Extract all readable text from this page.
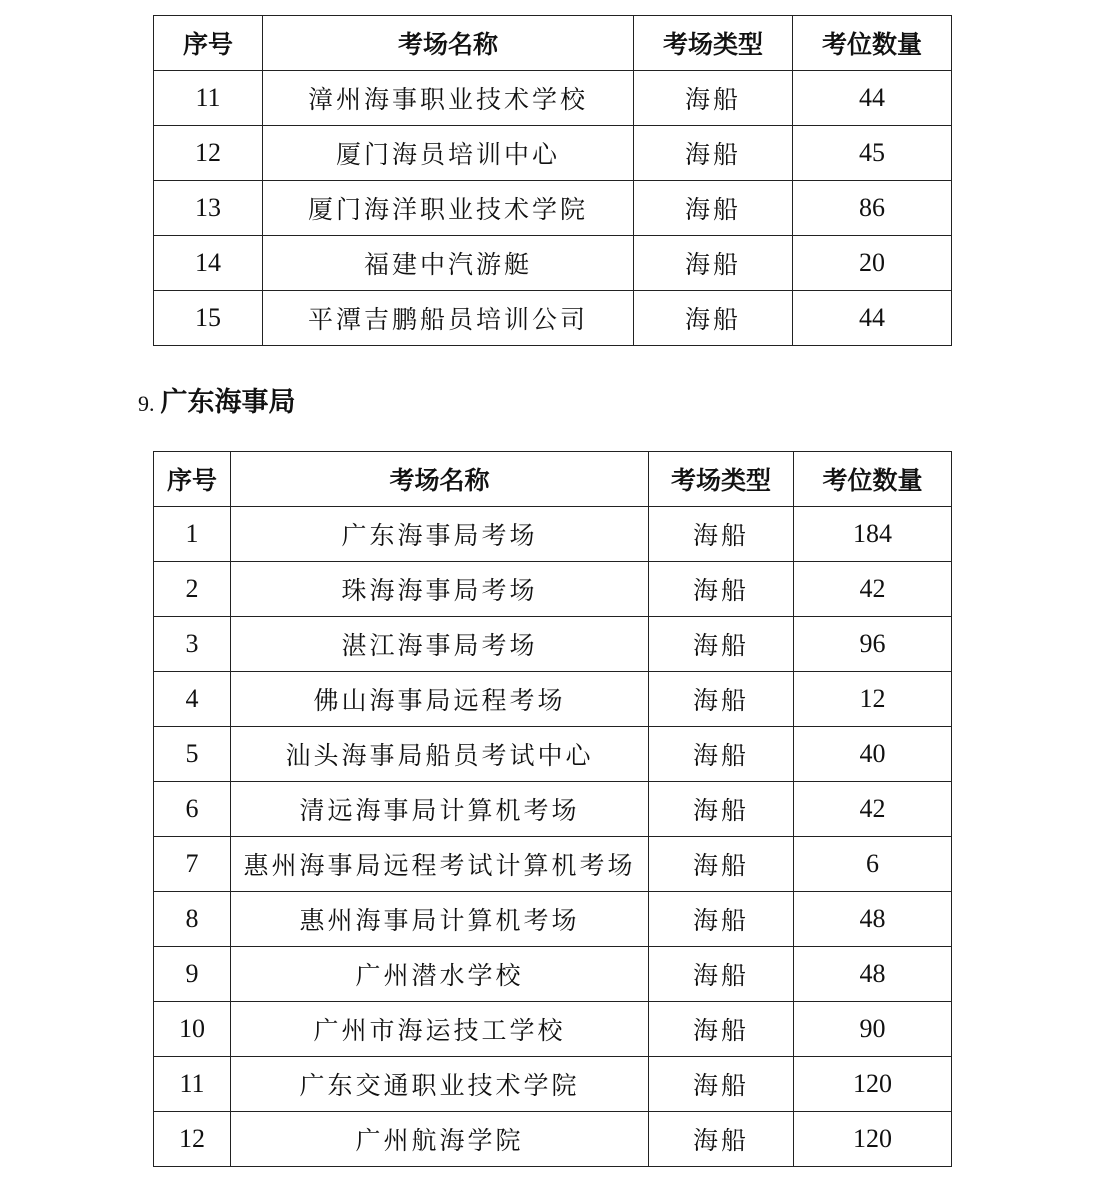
序号	考场名称	考场类型	考位数量
11	漳州海事职业技术学校	海船	44
12	厦门海员培训中心	海船	45
13	厦门海洋职业技术学院	海船	86
14	福建中汽游艇	海船	20
15	平潭吉鹏船员培训公司	海船	44
9. 广东海事局
序号	考场名称	考场类型	考位数量
1	广东海事局考场	海船	184
2	珠海海事局考场	海船	42
3	湛江海事局考场	海船	96
4	佛山海事局远程考场	海船	12
5	汕头海事局船员考试中心	海船	40
6	清远海事局计算机考场	海船	42
7	惠州海事局远程考试计算机考场	海船	6
8	惠州海事局计算机考场	海船	48
9	广州潜水学校	海船	48
10	广州市海运技工学校	海船	90
11	广东交通职业技术学院	海船	120
12	广州航海学院	海船	120
